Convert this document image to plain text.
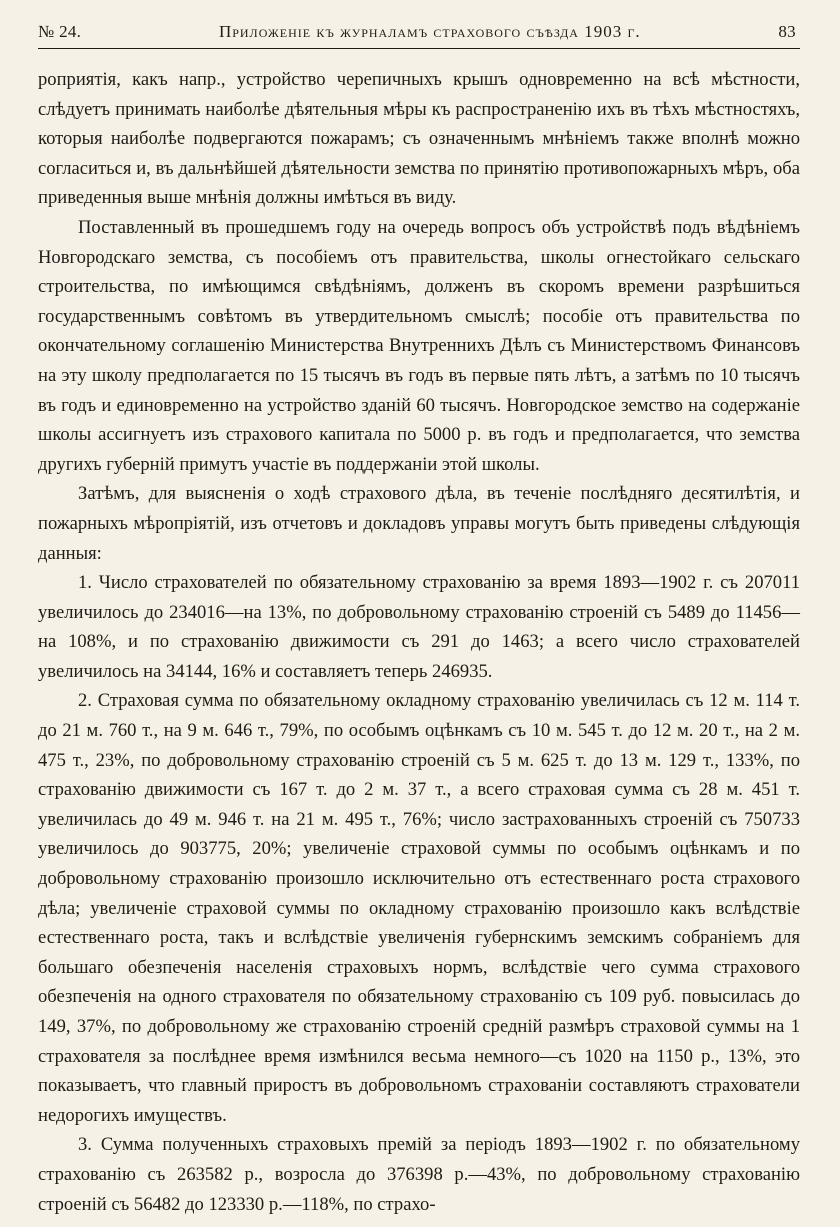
№ 24.	Приложеніе къ журналамъ страхового съѣзда 1903 г.	83

роприятія, какъ напр., устройство черепичныхъ крышъ одновременно на всѣ мѣстности, слѣдуетъ принимать наиболѣе дѣятельныя мѣры къ распространенію ихъ въ тѣхъ мѣстностяхъ, которыя наиболѣе подвергаются пожарамъ; съ означеннымъ мнѣніемъ также вполнѣ можно согласиться и, въ дальнѣйшей дѣятельности земства по принятію противопожарныхъ мѣръ, оба приведенныя выше мнѣнія должны имѣться въ виду.

Поставленный въ прошедшемъ году на очередь вопросъ объ устройствѣ подъ вѣдѣніемъ Новгородскаго земства, съ пособіемъ отъ правительства, школы огнестойкаго сельскаго строительства, по имѣющимся свѣдѣніямъ, долженъ въ скоромъ времени разрѣшиться государственнымъ совѣтомъ въ утвердительномъ смыслѣ; пособіе отъ правительства по окончательному соглашенію Министерства Внутреннихъ Дѣлъ съ Министерствомъ Финансовъ на эту школу предполагается по 15 тысячъ въ годъ въ первые пять лѣтъ, а затѣмъ по 10 тысячъ въ годъ и единовременно на устройство зданій 60 тысячъ. Новгородское земство на содержаніе школы ассигнуетъ изъ страхового капитала по 5000 р. въ годъ и предполагается, что земства другихъ губерній примутъ участіе въ поддержаніи этой школы.

Затѣмъ, для выясненія о ходѣ страхового дѣла, въ теченіе послѣдняго десятилѣтія, и пожарныхъ мѣропріятій, изъ отчетовъ и докладовъ управы могутъ быть приведены слѣдующія данныя:

1. Число страхователей по обязательному страхованію за время 1893—1902 г. съ 207011 увеличилось до 234016—на 13%, по добровольному страхованію строеній съ 5489 до 11456—на 108%, и по страхованію движимости съ 291 до 1463; а всего число страхователей увеличилось на 34144, 16% и составляетъ теперь 246935.

2. Страховая сумма по обязательному окладному страхованію увеличилась съ 12 м. 114 т. до 21 м. 760 т., на 9 м. 646 т., 79%, по особымъ оцѣнкамъ съ 10 м. 545 т. до 12 м. 20 т., на 2 м. 475 т., 23%, по добровольному страхованію строеній съ 5 м. 625 т. до 13 м. 129 т., 133%, по страхованію движимости съ 167 т. до 2 м. 37 т., а всего страховая сумма съ 28 м. 451 т. увеличилась до 49 м. 946 т. на 21 м. 495 т., 76%; число застрахованныхъ строеній съ 750733 увеличилось до 903775, 20%; увеличеніе страховой суммы по особымъ оцѣнкамъ и по добровольному страхованію произошло исключительно отъ естественнаго роста страхового дѣла; увеличеніе страховой суммы по окладному страхованію произошло какъ вслѣдствіе естественнаго роста, такъ и вслѣдствіе увеличенія губернскимъ земскимъ собраніемъ для большаго обезпеченія населенія страховыхъ нормъ, вслѣдствіе чего сумма страхового обезпеченія на одного страхователя по обязательному страхованію съ 109 руб. повысилась до 149, 37%, по добровольному же страхованію строеній средній размѣръ страховой суммы на 1 страхователя за послѣднее время измѣнился весьма немного—съ 1020 на 1150 р., 13%, это показываетъ, что главный приростъ въ добровольномъ страхованіи составляютъ страхователи недорогихъ имуществъ.

3. Сумма полученныхъ страховыхъ премій за періодъ 1893—1902 г. по обязательному страхованію съ 263582 р., возросла до 376398 р.—43%, по добровольному страхованію строеній съ 56482 до 123330 р.—118%, по страхо-
